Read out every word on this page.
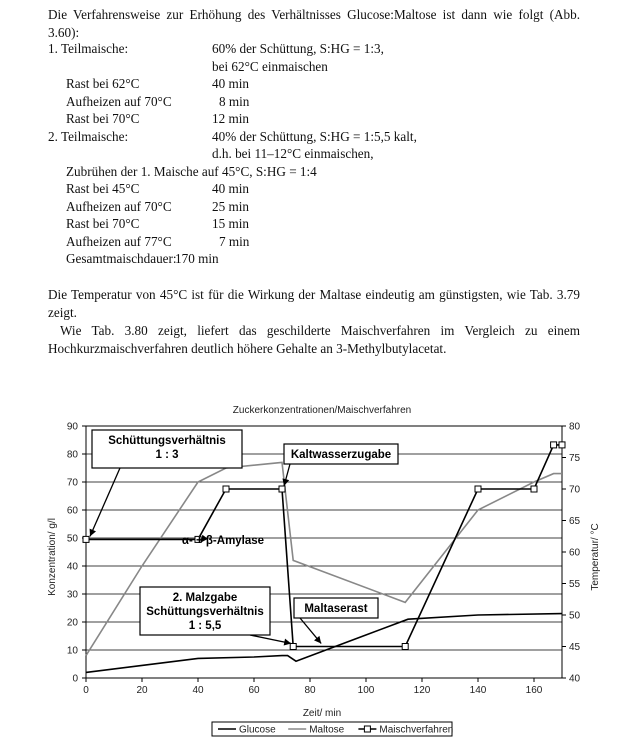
Die Verfahrensweise zur Erhöhung des Verhältnisses Glucose:Maltose ist dann wie folgt (Abb. 3.60):
1. Teilmaische:	60% der Schüttung, S:HG = 1:3,
bei 62°C einmaischen
Rast bei 62°C	40 min
Aufheizen auf 70°C	8 min
Rast bei 70°C	12 min
2. Teilmaische:	40% der Schüttung, S:HG = 1:5,5 kalt,
d.h. bei 11–12°C einmaischen,
Zubrühen der 1. Maische auf 45°C, S:HG = 1:4
Rast bei 45°C	40 min
Aufheizen auf 70°C	25 min
Rast bei 70°C	15 min
Aufheizen auf 77°C	7 min
Gesamtmaischdauer:
170 min
Die Temperatur von 45°C ist für die Wirkung der Maltase eindeutig am günstigsten, wie Tab. 3.79 zeigt.
Wie Tab. 3.80 zeigt, liefert das geschilderte Maischverfahren im Vergleich zu einem Hochkurzmaischverfahren deutlich höhere Gehalte an 3-Methylbutylacetat.
Zuckerkonzentrationen/Maischverfahren
0
10
20
30
40
50
60
70
80
90
40
45
50
55
60
65
70
75
80
0	20	40	60	80	100	120	140	160
Schüttungsverhältnis
1 : 3	Kaltwasserzugabe
α- + β-Amylase
2. Malzgabe
Schüttungsverhältnis
1 : 5,5
Maltaserast
Zeit/ min
Konzentration/ g/l	Temperatur/ °C
Glucose	Maltose	Maischverfahren
